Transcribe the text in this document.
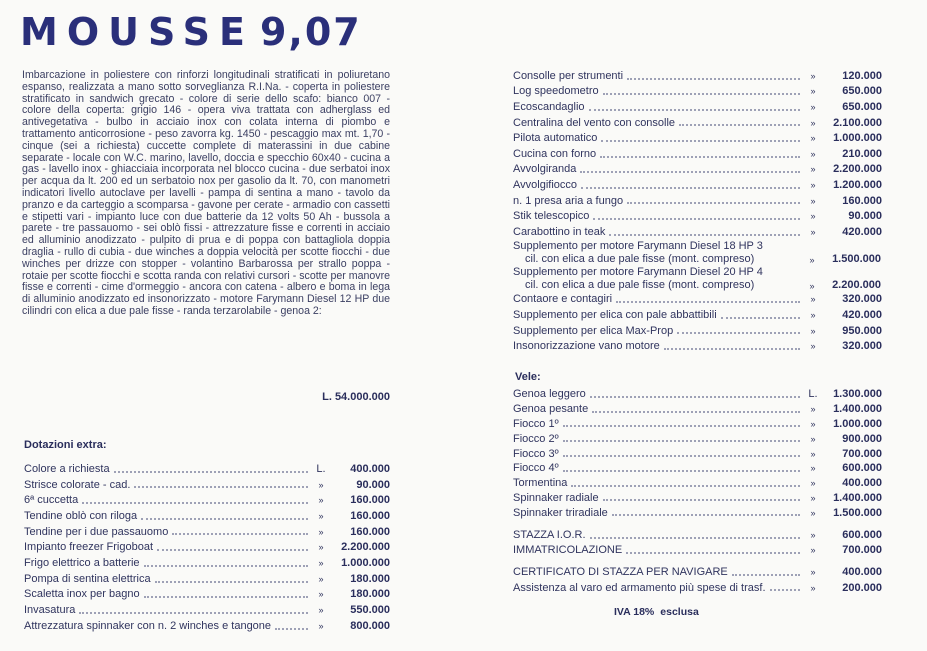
MOUSSE 9,07
Imbarcazione in poliestere con rinforzi longitudinali stratificati in poliuretano espanso, realizzata a mano sotto sorveglianza R.I.Na. - coperta in poliestere stratificato in sandwich grecato - colore di serie dello scafo: bianco 007 - colore della coperta: grigio 146 - opera viva trattata con adherglass ed antivegetativa - bulbo in acciaio inox con colata interna di piombo e trattamento anticorrosione - peso zavorra kg. 1450 - pescaggio max mt. 1,70 - cinque (sei a richiesta) cuccette complete di materassini in due cabine separate - locale con W.C. marino, lavello, doccia e specchio 60x40 - cucina a gas - lavello inox - ghiacciaia incorporata nel blocco cucina - due serbatoi inox per acqua da lt. 200 ed un serbatoio nox per gasolio da lt. 70, con manometri indicatori livello autoclave per lavelli - pampa di sentina a mano - tavolo da pranzo e da carteggio a scomparsa - gavone per cerate - armadio con cassetti e stipetti vari - impianto luce con due batterie da 12 volts 50 Ah - bussola a parete - tre passauomo - sei oblò fissi - attrezzature fisse e correnti in acciaio ed alluminio anodizzato - pulpito di prua e di poppa con battagliola doppia draglia - rullo di cubia - due winches a doppia velocità per scotte fiocchi - due winches per drizze con stopper - volantino Barbarossa per strallo poppa - rotaie per scotte fiocchi e scotta randa con relativi cursori - scotte per manovre fisse e correnti - cime d'ormeggio - ancora con catena - albero e boma in lega di alluminio anodizzato ed insonorizzato - motore Farymann Diesel 12 HP due cilindri con elica a due pale fisse - randa terzarolabile - genoa 2:
L. 54.000.000
Dotazioni extra:
Colore a richiesta	L.	400.000
Strisce colorate - cad.	»	90.000
6ª cuccetta	»	160.000
Tendine oblò con riloga	»	160.000
Tendine per i due passauomo	»	160.000
Impianto freezer Frigoboat	»	2.200.000
Frigo elettrico a batterie	»	1.000.000
Pompa di sentina elettrica	»	180.000
Scaletta inox per bagno	»	180.000
Invasatura	»	550.000
Attrezzatura spinnaker con n. 2 winches e tangone	»	800.000
Consolle per strumenti	»	120.000
Log speedometro	»	650.000
Ecoscandaglio	»	650.000
Centralina del vento con consolle	»	2.100.000
Pilota automatico	»	1.000.000
Cucina con forno	»	210.000
Avvolgiranda	»	2.200.000
Avvolgifiocco	»	1.200.000
n. 1 presa aria a fungo	»	160.000
Stik telescopico	»	90.000
Carabottino in teak	»	420.000
Supplemento per motore Farymann Diesel 18 HP 3
cil. con elica a due pale fisse (mont. compreso)	»	1.500.000
Supplemento per motore Farymann Diesel 20 HP 4
cil. con elica a due pale fisse (mont. compreso)	»	2.200.000
Contaore e contagiri	»	320.000
Supplemento per elica con pale abbattibili	»	420.000
Supplemento per elica Max-Prop	»	950.000
Insonorizzazione vano motore	»	320.000
Vele:
Genoa leggero	L.	1.300.000
Genoa pesante	»	1.400.000
Fiocco 1º	»	1.000.000
Fiocco 2º	»	900.000
Fiocco 3º	»	700.000
Fiocco 4º	»	600.000
Tormentina	»	400.000
Spinnaker radiale	»	1.400.000
Spinnaker triradiale	»	1.500.000
STAZZA I.O.R.	»	600.000
IMMATRICOLAZIONE	»	700.000
CERTIFICATO DI STAZZA PER NAVIGARE	»	400.000
Assistenza al varo ed armamento più spese di trasf.	»	200.000
IVA 18% esclusa
